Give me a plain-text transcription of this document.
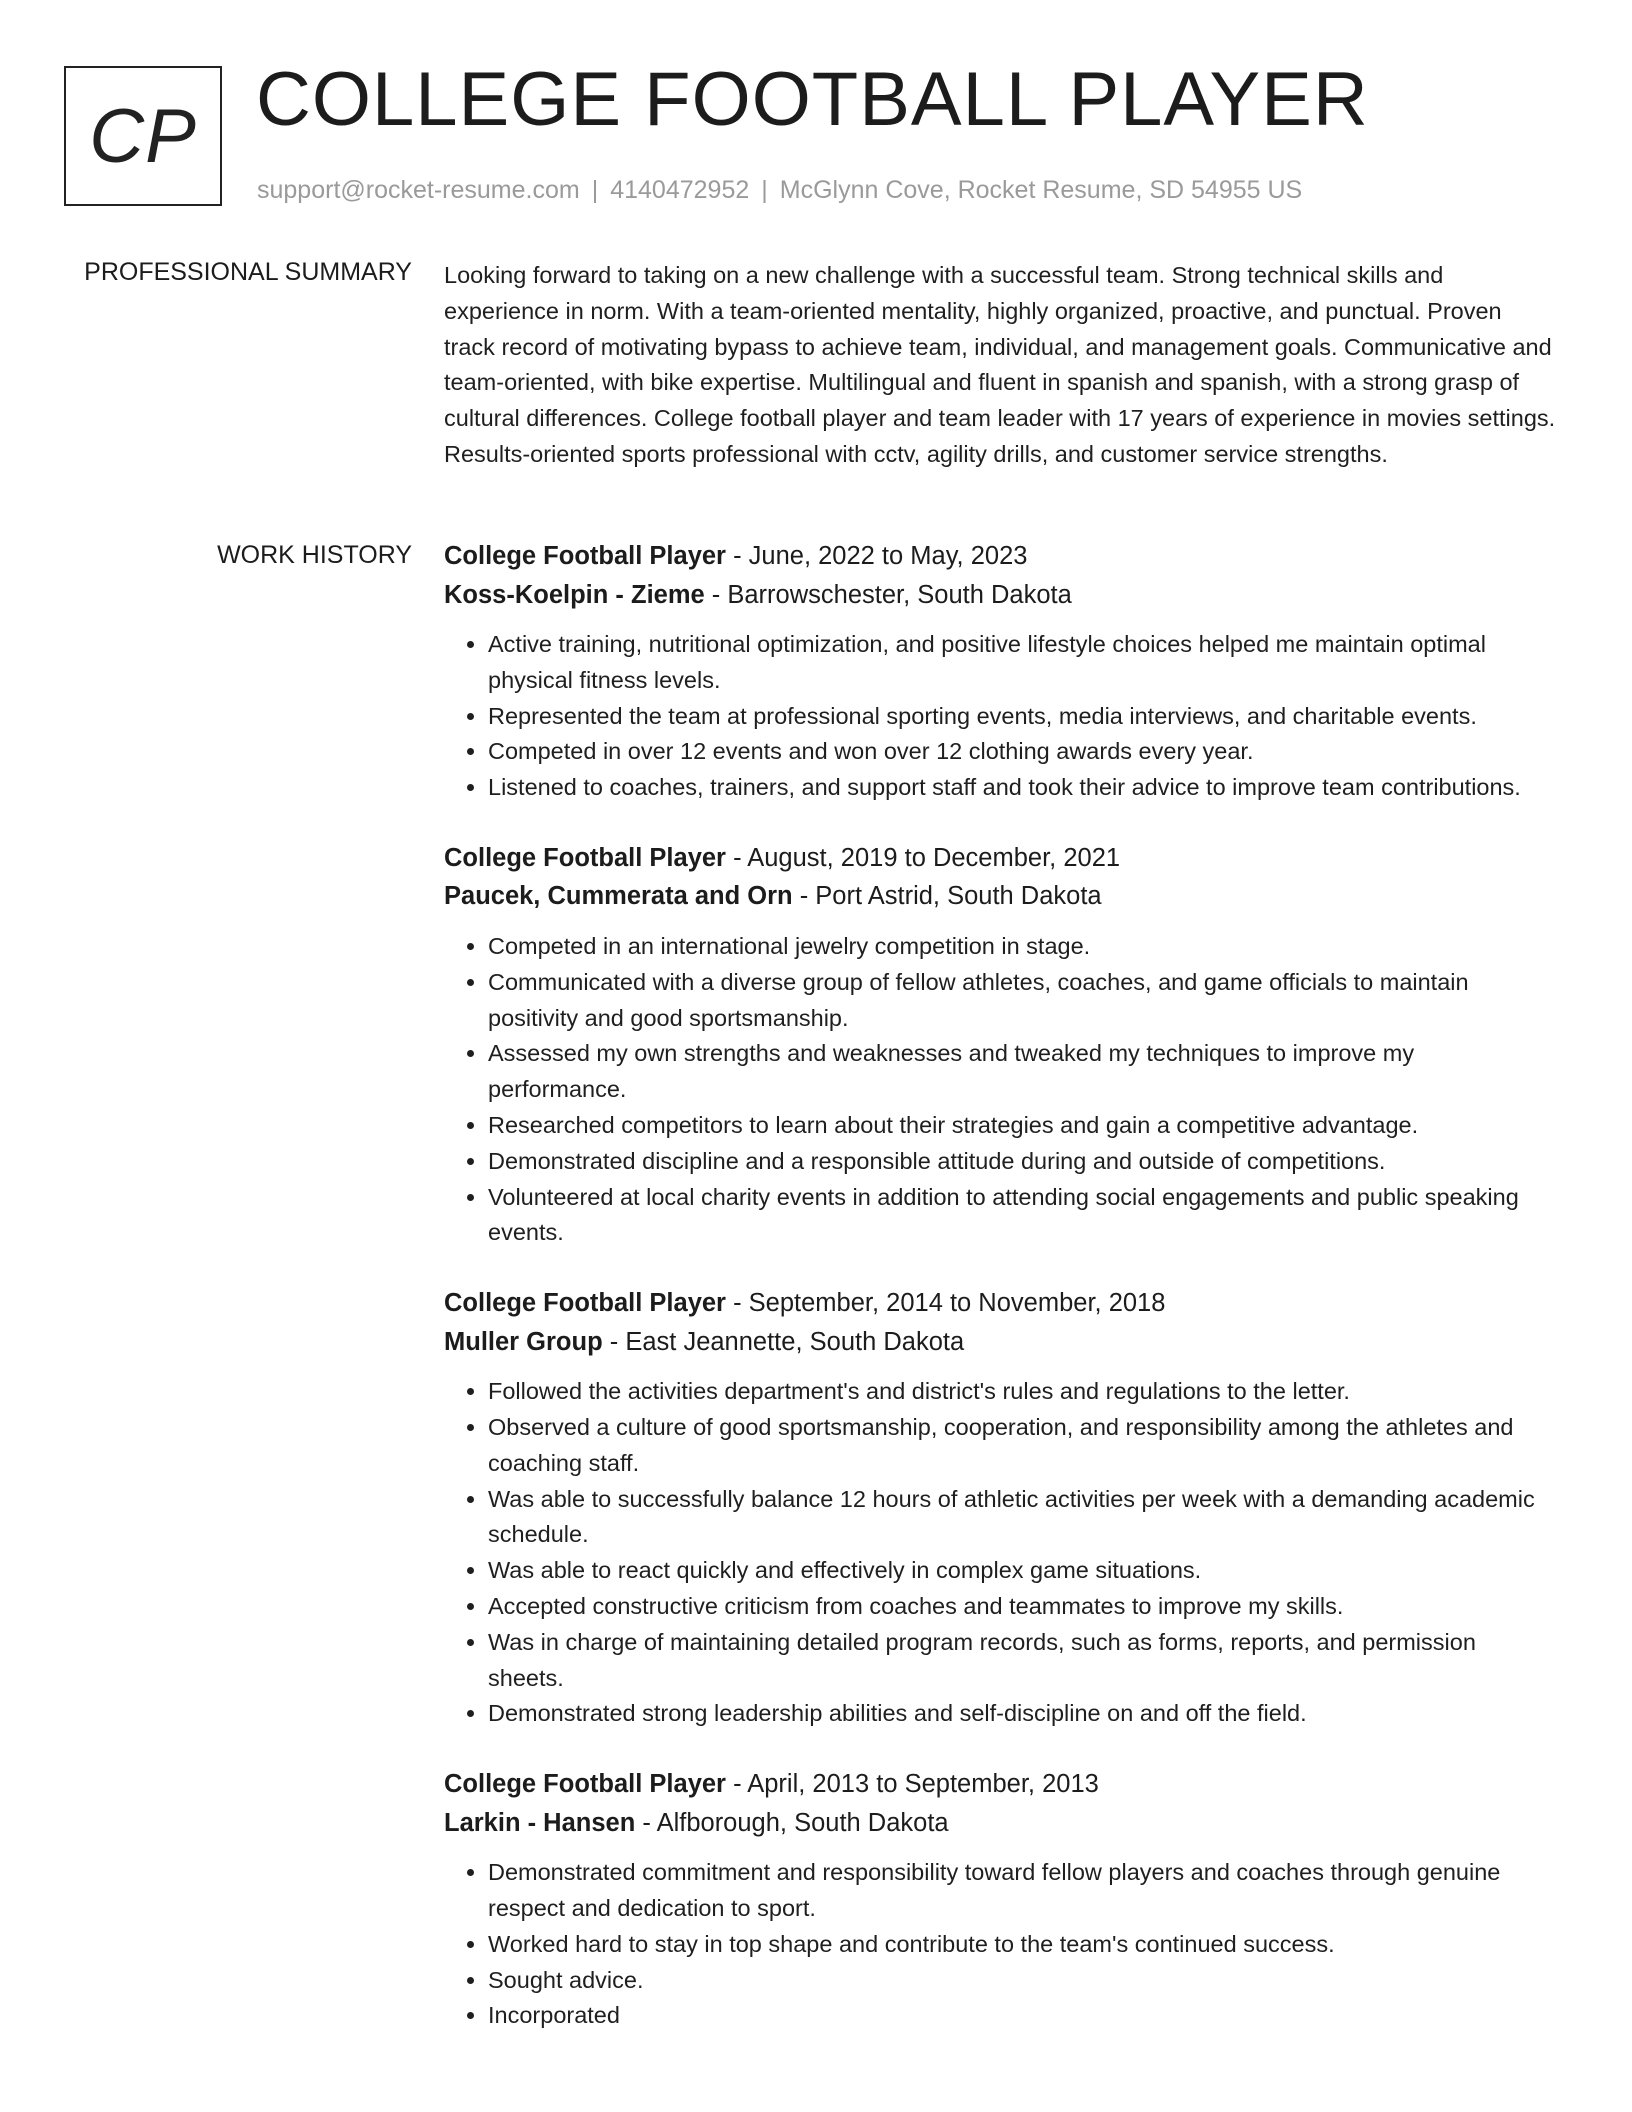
CP COLLEGE FOOTBALL PLAYER
support@rocket-resume.com | 4140472952 | McGlynn Cove, Rocket Resume, SD 54955 US
PROFESSIONAL SUMMARY Looking forward to taking on a new challenge with a successful team. Strong technical skills and experience in norm. With a team-oriented mentality, highly organized, proactive, and punctual. Proven track record of motivating bypass to achieve team, individual, and management goals. Communicative and team-oriented, with bike expertise. Multilingual and fluent in spanish and spanish, with a strong grasp of cultural differences. College football player and team leader with 17 years of experience in movies settings. Results-oriented sports professional with cctv, agility drills, and customer service strengths.
WORK HISTORY College Football Player - June, 2022 to May, 2023
Koss-Koelpin - Zieme - Barrowschester, South Dakota
• Active training, nutritional optimization, and positive lifestyle choices helped me maintain optimal physical fitness levels.
• Represented the team at professional sporting events, media interviews, and charitable events.
• Competed in over 12 events and won over 12 clothing awards every year.
• Listened to coaches, trainers, and support staff and took their advice to improve team contributions.
College Football Player - August, 2019 to December, 2021
Paucek, Cummerata and Orn - Port Astrid, South Dakota
• Competed in an international jewelry competition in stage.
• Communicated with a diverse group of fellow athletes, coaches, and game officials to maintain positivity and good sportsmanship.
• Assessed my own strengths and weaknesses and tweaked my techniques to improve my performance.
• Researched competitors to learn about their strategies and gain a competitive advantage.
• Demonstrated discipline and a responsible attitude during and outside of competitions.
• Volunteered at local charity events in addition to attending social engagements and public speaking events.
College Football Player - September, 2014 to November, 2018
Muller Group - East Jeannette, South Dakota
• Followed the activities department's and district's rules and regulations to the letter.
• Observed a culture of good sportsmanship, cooperation, and responsibility among the athletes and coaching staff.
• Was able to successfully balance 12 hours of athletic activities per week with a demanding academic schedule.
• Was able to react quickly and effectively in complex game situations.
• Accepted constructive criticism from coaches and teammates to improve my skills.
• Was in charge of maintaining detailed program records, such as forms, reports, and permission sheets.
• Demonstrated strong leadership abilities and self-discipline on and off the field.
College Football Player - April, 2013 to September, 2013
Larkin - Hansen - Alfborough, South Dakota
• Demonstrated commitment and responsibility toward fellow players and coaches through genuine respect and dedication to sport.
• Worked hard to stay in top shape and contribute to the team's continued success.
• Sought advice.
• Incorporated
